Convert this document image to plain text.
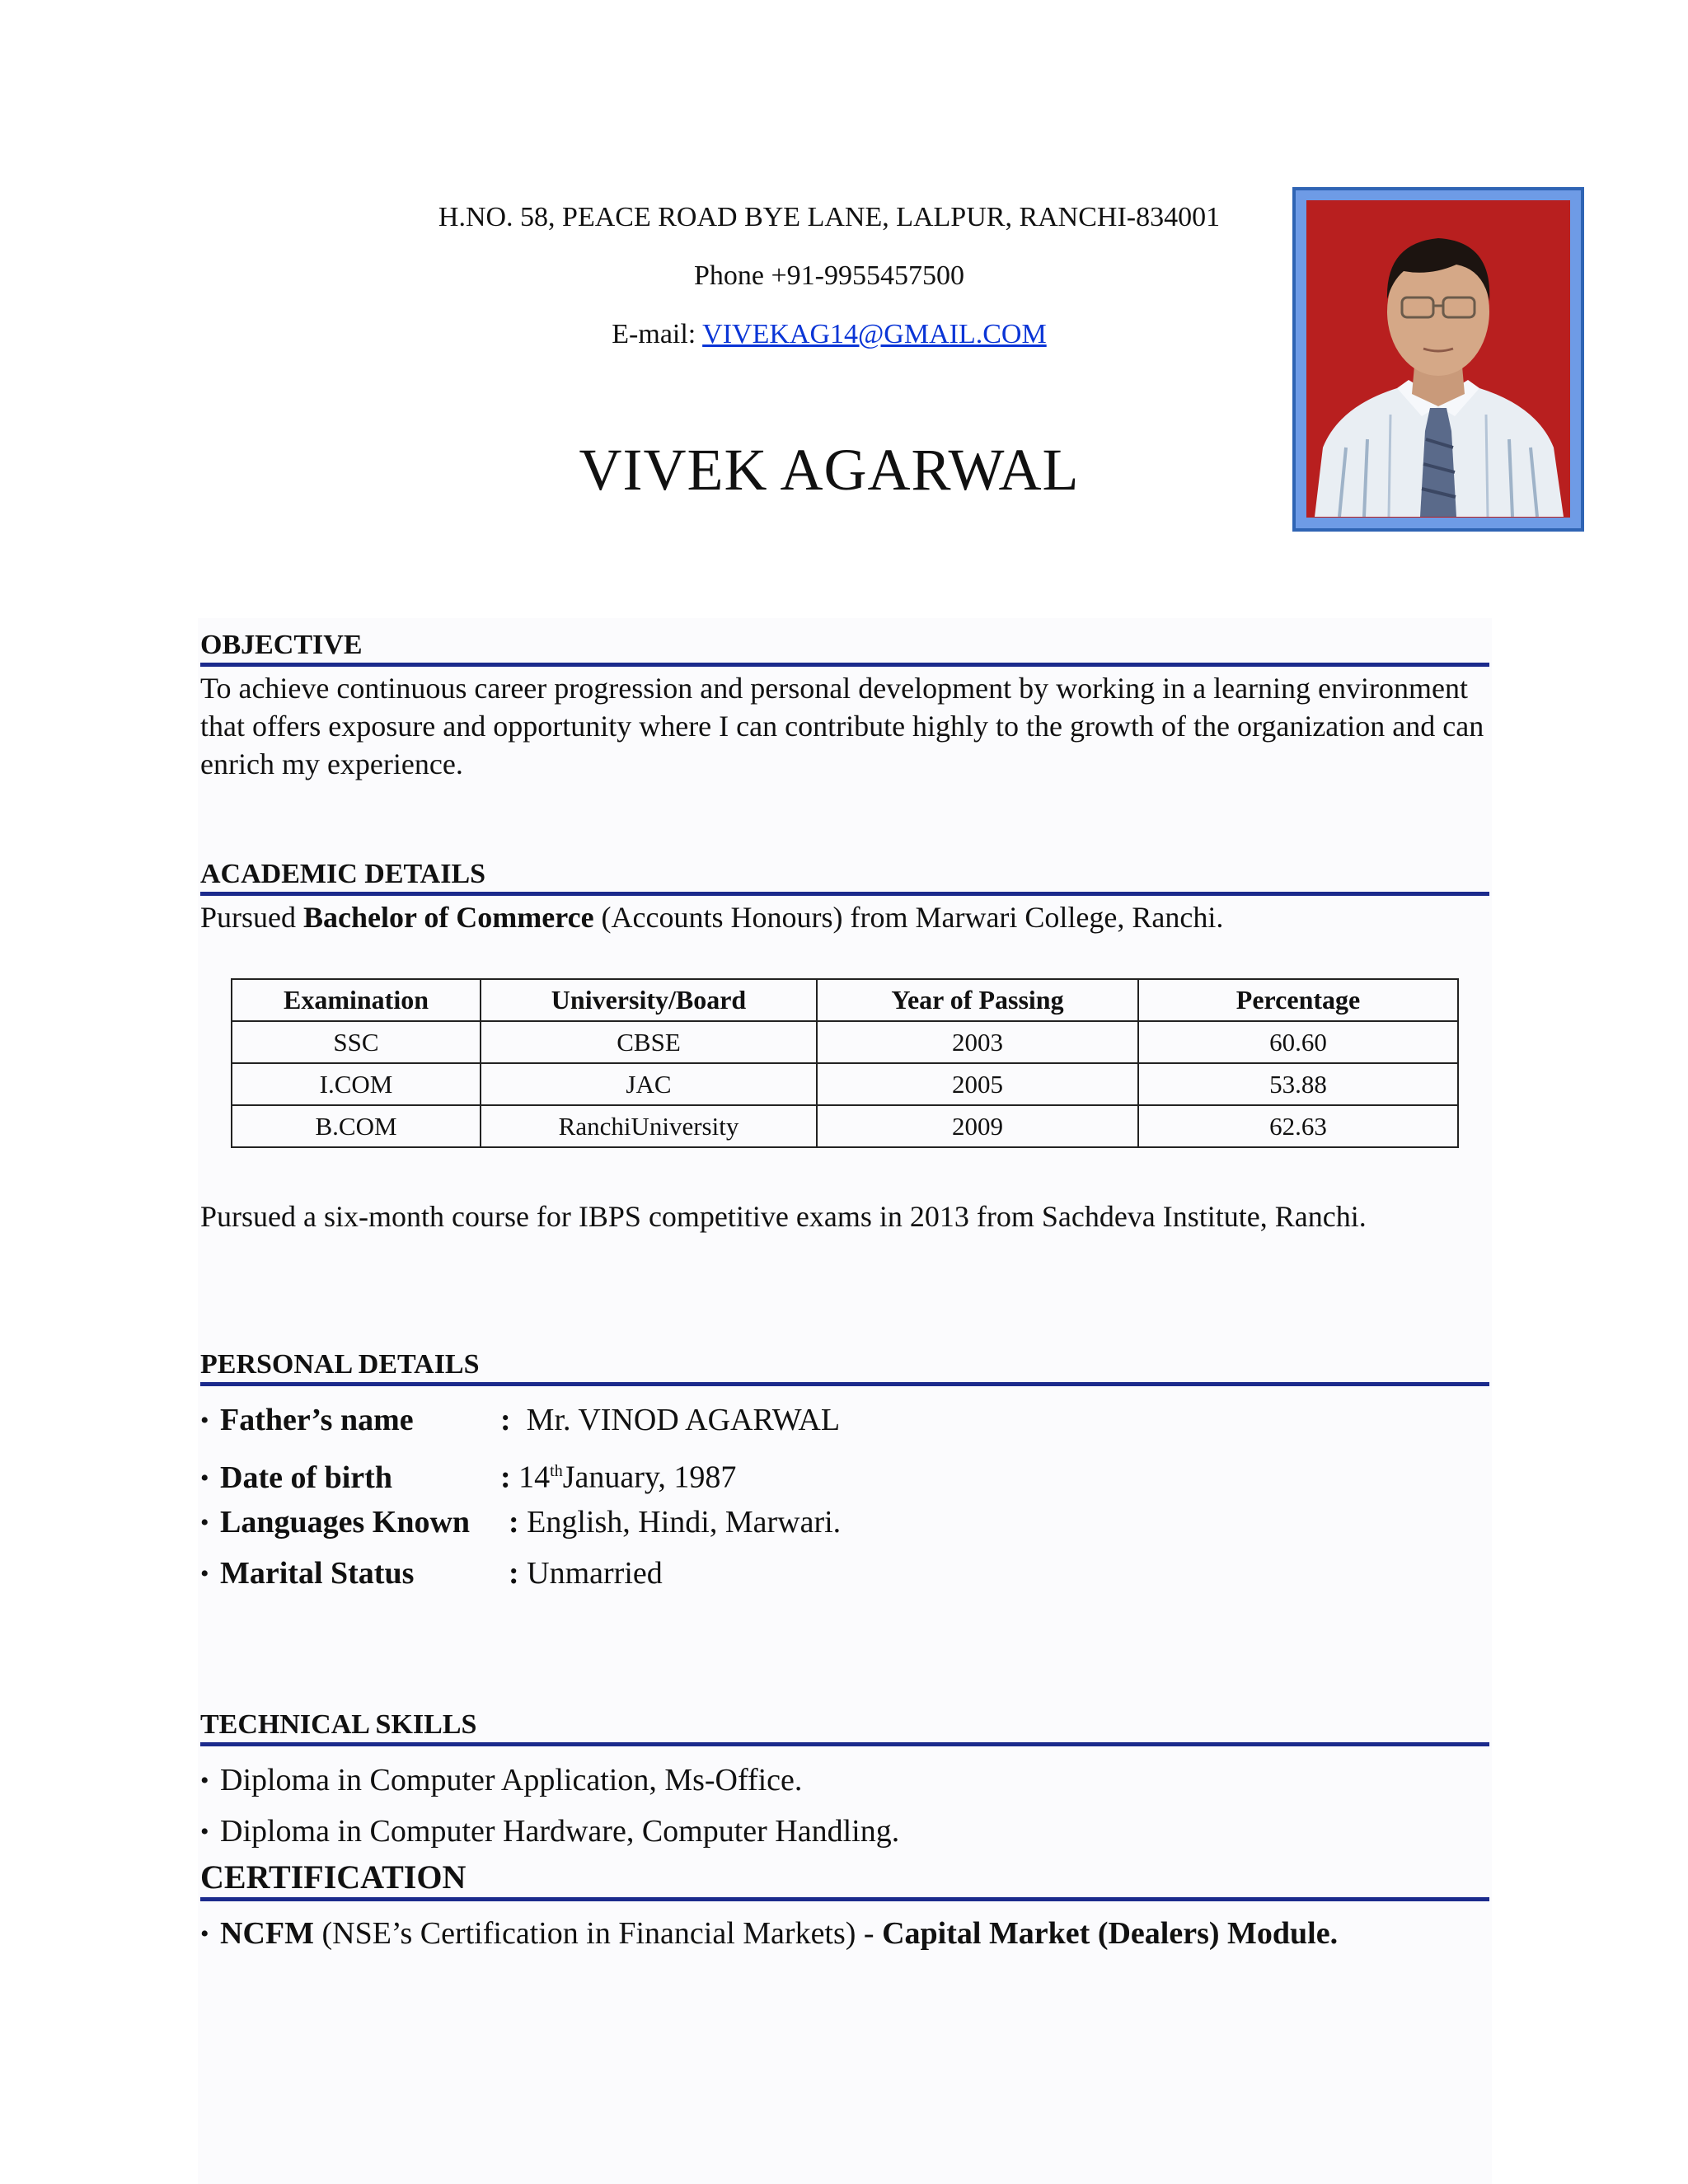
H.NO. 58, PEACE ROAD BYE LANE, LALPUR, RANCHI-834001
Phone +91-9955457500
E-mail: VIVEKAG14@GMAIL.COM
VIVEK AGARWAL
OBJECTIVE
To achieve continuous career progression and personal development by working in a learning environment that offers exposure and opportunity where I can contribute highly to the growth of the organization and can enrich my experience.
ACADEMIC DETAILS
Pursued Bachelor of Commerce (Accounts Honours) from Marwari College, Ranchi.
Examination	University/Board	Year of Passing	Percentage
SSC	CBSE	2003	60.60
I.COM	JAC	2005	53.88
B.COM	RanchiUniversity	2009	62.63
Pursued a six-month course for IBPS competitive exams in 2013 from Sachdeva Institute, Ranchi.
PERSONAL DETAILS
• Father’s name	: Mr. VINOD AGARWAL
• Date of birth	: 14thJanuary, 1987
• Languages Known : English, Hindi, Marwari.
• Marital Status	: Unmarried
TECHNICAL SKILLS
• Diploma in Computer Application, Ms-Office.
• Diploma in Computer Hardware, Computer Handling.
CERTIFICATION
• NCFM (NSE’s Certification in Financial Markets) - Capital Market (Dealers) Module.
